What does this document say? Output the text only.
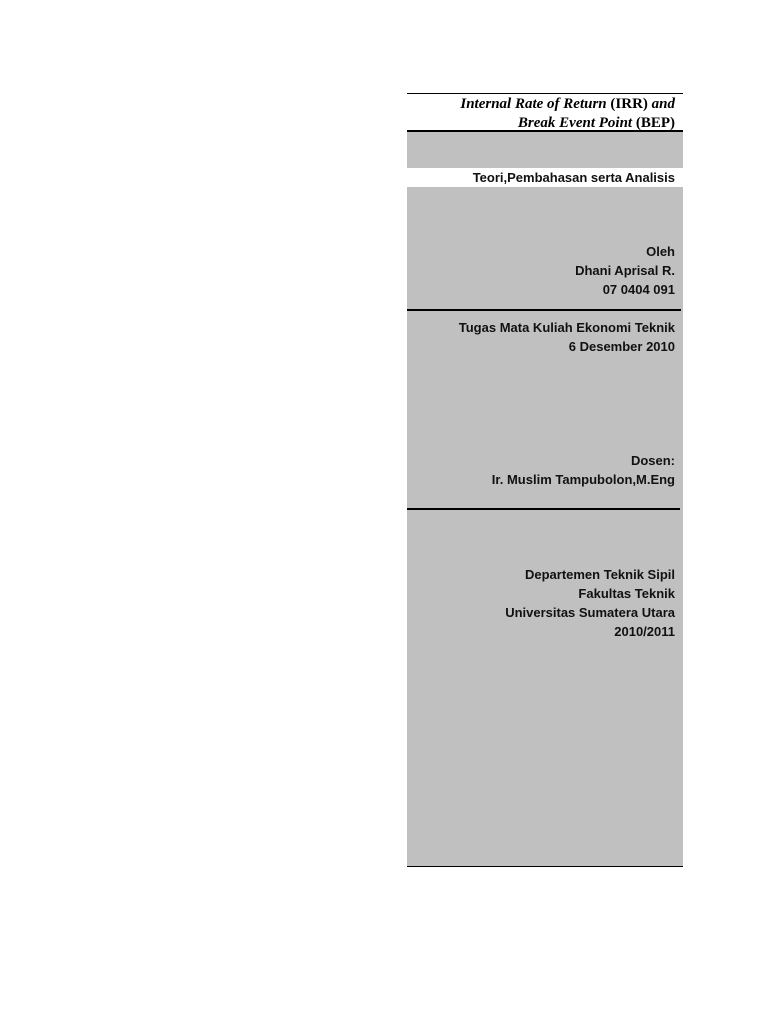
Internal Rate of Return (IRR) and
Break Event Point (BEP)
Teori,Pembahasan serta Analisis
Oleh
Dhani Aprisal R.
07 0404 091
Tugas Mata Kuliah Ekonomi Teknik
6 Desember 2010
Dosen:
Ir. Muslim Tampubolon,M.Eng
Departemen Teknik Sipil
Fakultas Teknik
Universitas Sumatera Utara
2010/2011
